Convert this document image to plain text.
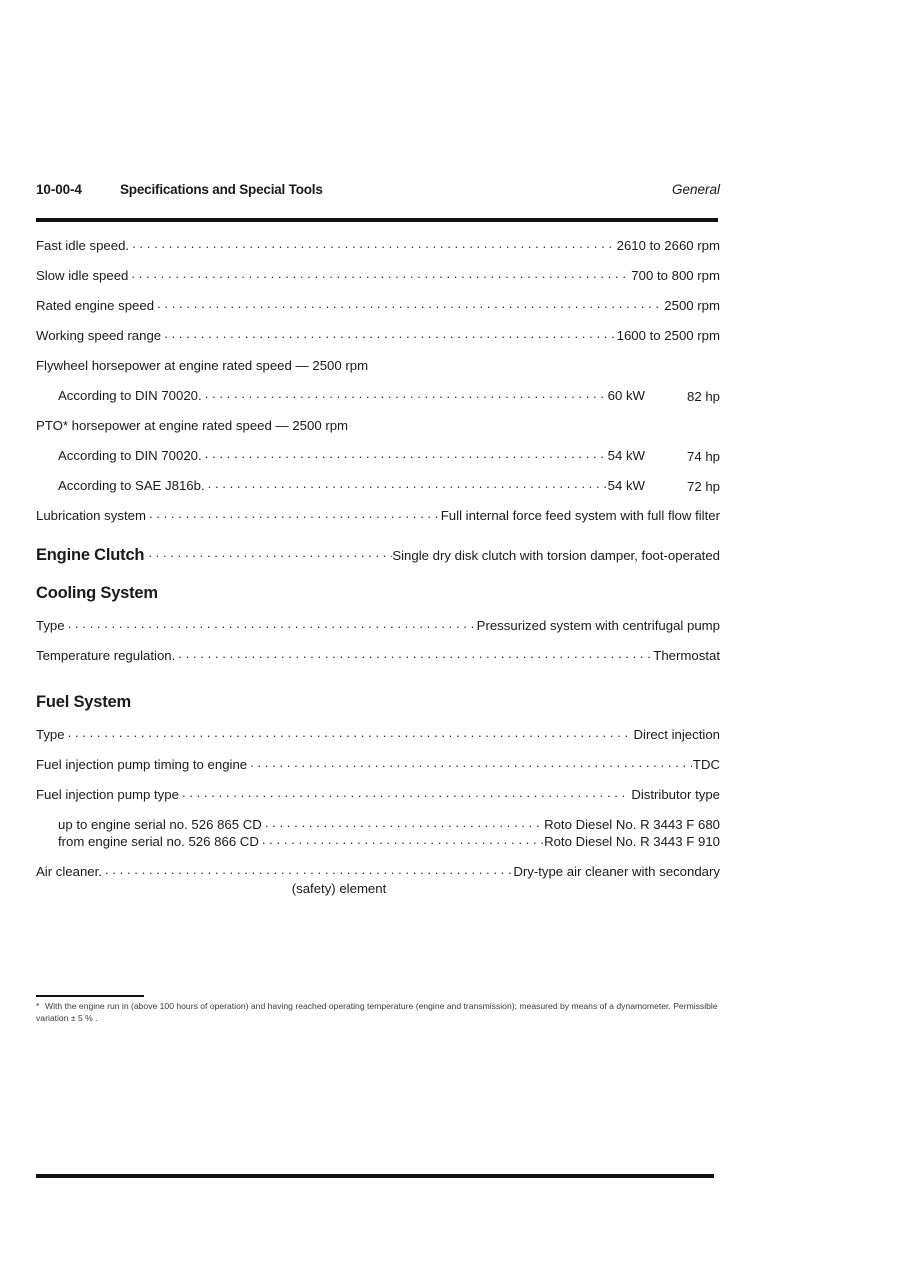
10-00-4	Specifications and Special Tools	General
Fast idle speed. . . .	2610 to 2660 rpm
Slow idle speed . . .	700 to 800 rpm
Rated engine speed . . .	2500 rpm
Working speed range . . .	1600 to 2500 rpm
Flywheel horsepower at engine rated speed — 2500 rpm
According to DIN 70020. . . .	60 kW	82 hp
PTO* horsepower at engine rated speed — 2500 rpm
According to DIN 70020. . . .	54 kW	74 hp
According to SAE J816b. . . .	54 kW	72 hp
Lubrication system . . .	Full internal force feed system with full flow filter
Engine Clutch . . .	Single dry disk clutch with torsion damper, foot-operated
Cooling System
Type . . .	Pressurized system with centrifugal pump
Temperature regulation. . . .	Thermostat
Fuel System
Type . . .	Direct injection
Fuel injection pump timing to engine . . .	TDC
Fuel injection pump type . . .	Distributor type
up to engine serial no. 526 865 CD . . .	Roto Diesel No. R 3443 F 680
from engine serial no. 526 866 CD . . .	Roto Diesel No. R 3443 F 910
Air cleaner. . . .	Dry-type air cleaner with secondary
(safety) element
* With the engine run in (above 100 hours of operation) and having reached operating temperature (engine and transmission); measured by means of a dynamometer. Permissible variation ± 5 % .
